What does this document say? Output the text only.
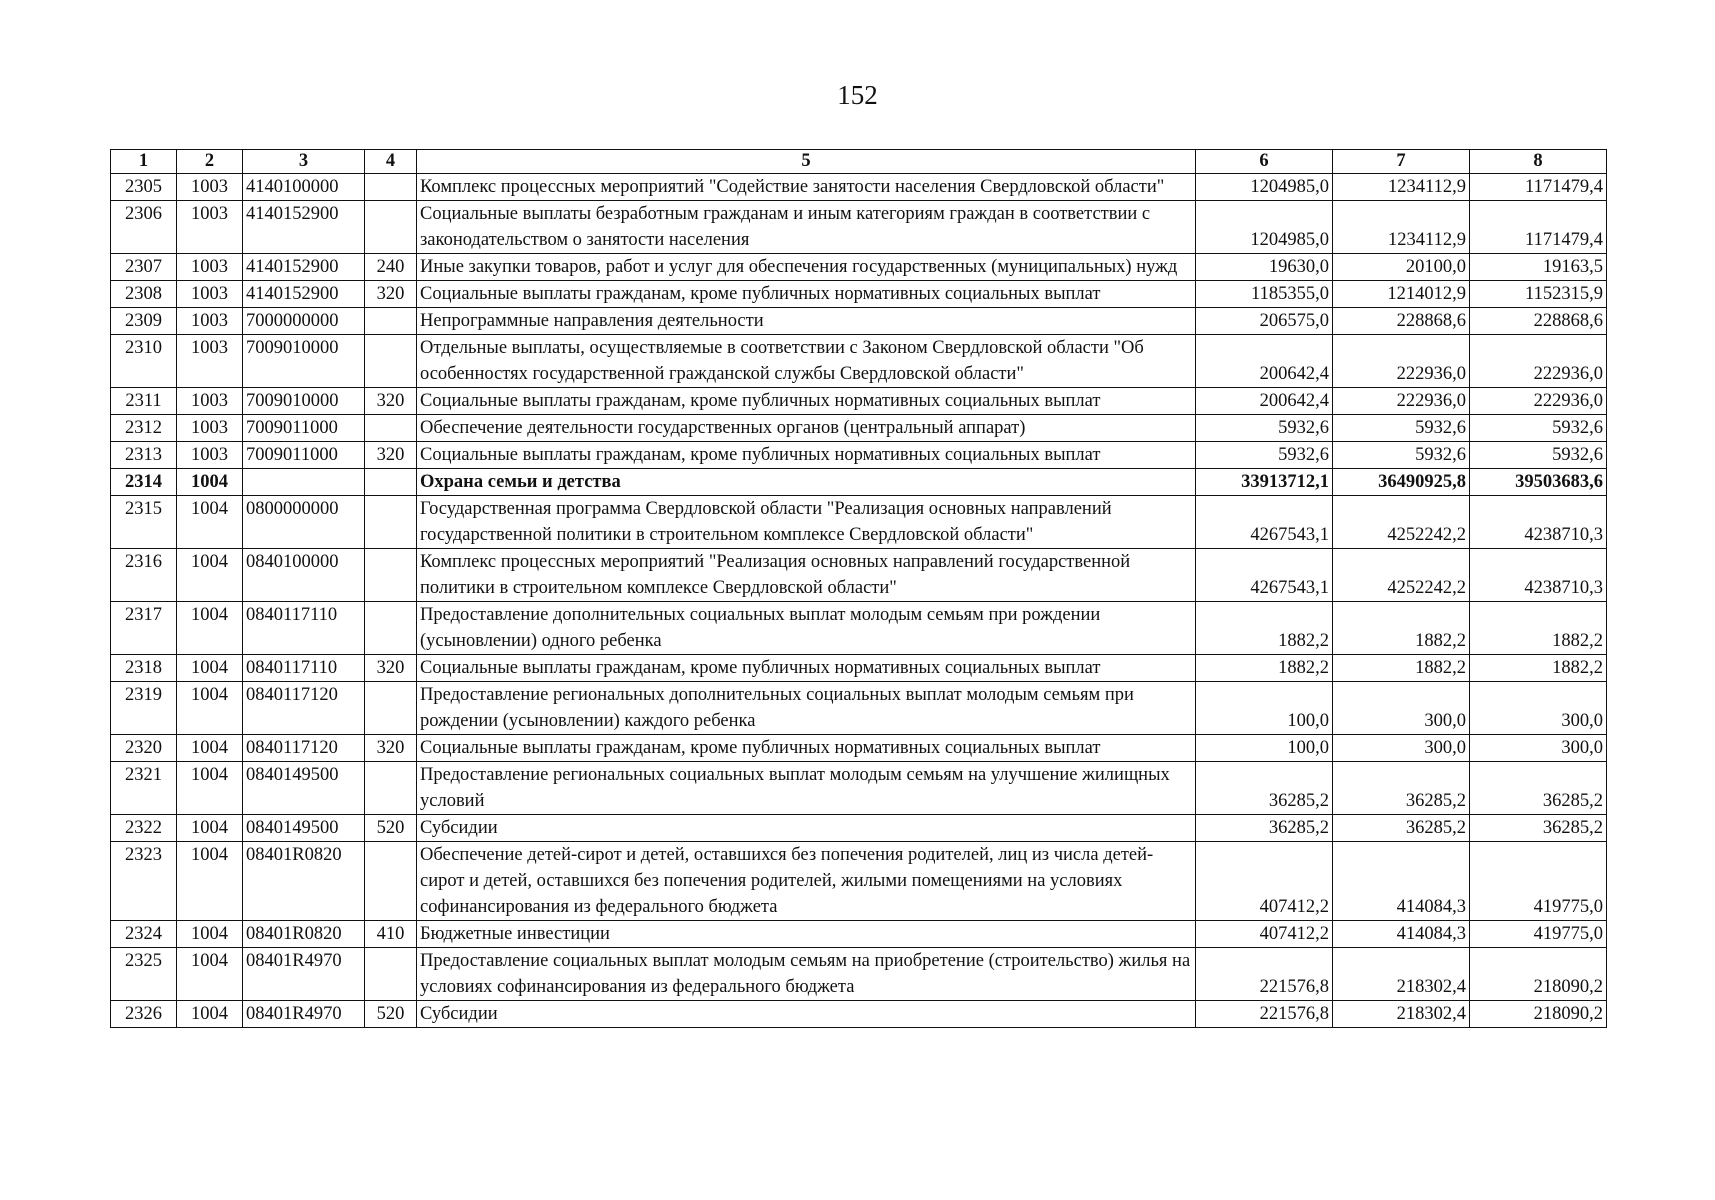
152
1	2	3	4	5	6	7	8
2305	1003	4140100000		Комплекс процессных мероприятий "Содействие занятости населения Свердловской области"	1204985,0	1234112,9	1171479,4
2306	1003	4140152900		Социальные выплаты безработным гражданам и иным категориям граждан в соответствии с законодательством о занятости населения	1204985,0	1234112,9	1171479,4
2307	1003	4140152900	240	Иные закупки товаров, работ и услуг для обеспечения государственных (муниципальных) нужд	19630,0	20100,0	19163,5
2308	1003	4140152900	320	Социальные выплаты гражданам, кроме публичных нормативных социальных выплат	1185355,0	1214012,9	1152315,9
2309	1003	7000000000		Непрограммные направления деятельности	206575,0	228868,6	228868,6
2310	1003	7009010000		Отдельные выплаты, осуществляемые в соответствии с Законом Свердловской области "Об особенностях государственной гражданской службы Свердловской области"	200642,4	222936,0	222936,0
2311	1003	7009010000	320	Социальные выплаты гражданам, кроме публичных нормативных социальных выплат	200642,4	222936,0	222936,0
2312	1003	7009011000		Обеспечение деятельности государственных органов (центральный аппарат)	5932,6	5932,6	5932,6
2313	1003	7009011000	320	Социальные выплаты гражданам, кроме публичных нормативных социальных выплат	5932,6	5932,6	5932,6
2314	1004			Охрана семьи и детства	33913712,1	36490925,8	39503683,6
2315	1004	0800000000		Государственная программа Свердловской области "Реализация основных направлений государственной политики в строительном комплексе Свердловской области"	4267543,1	4252242,2	4238710,3
2316	1004	0840100000		Комплекс процессных мероприятий "Реализация основных направлений государственной политики в строительном комплексе Свердловской области"	4267543,1	4252242,2	4238710,3
2317	1004	0840117110		Предоставление дополнительных социальных выплат молодым семьям при рождении (усыновлении) одного ребенка	1882,2	1882,2	1882,2
2318	1004	0840117110	320	Социальные выплаты гражданам, кроме публичных нормативных социальных выплат	1882,2	1882,2	1882,2
2319	1004	0840117120		Предоставление региональных дополнительных социальных выплат молодым семьям при рождении (усыновлении) каждого ребенка	100,0	300,0	300,0
2320	1004	0840117120	320	Социальные выплаты гражданам, кроме публичных нормативных социальных выплат	100,0	300,0	300,0
2321	1004	0840149500		Предоставление региональных социальных выплат молодым семьям на улучшение жилищных условий	36285,2	36285,2	36285,2
2322	1004	0840149500	520	Субсидии	36285,2	36285,2	36285,2
2323	1004	08401R0820		Обеспечение детей-сирот и детей, оставшихся без попечения родителей, лиц из числа детей-сирот и детей, оставшихся без попечения родителей, жилыми помещениями на условиях софинансирования из федерального бюджета	407412,2	414084,3	419775,0
2324	1004	08401R0820	410	Бюджетные инвестиции	407412,2	414084,3	419775,0
2325	1004	08401R4970		Предоставление социальных выплат молодым семьям на приобретение (строительство) жилья на условиях софинансирования из федерального бюджета	221576,8	218302,4	218090,2
2326	1004	08401R4970	520	Субсидии	221576,8	218302,4	218090,2
